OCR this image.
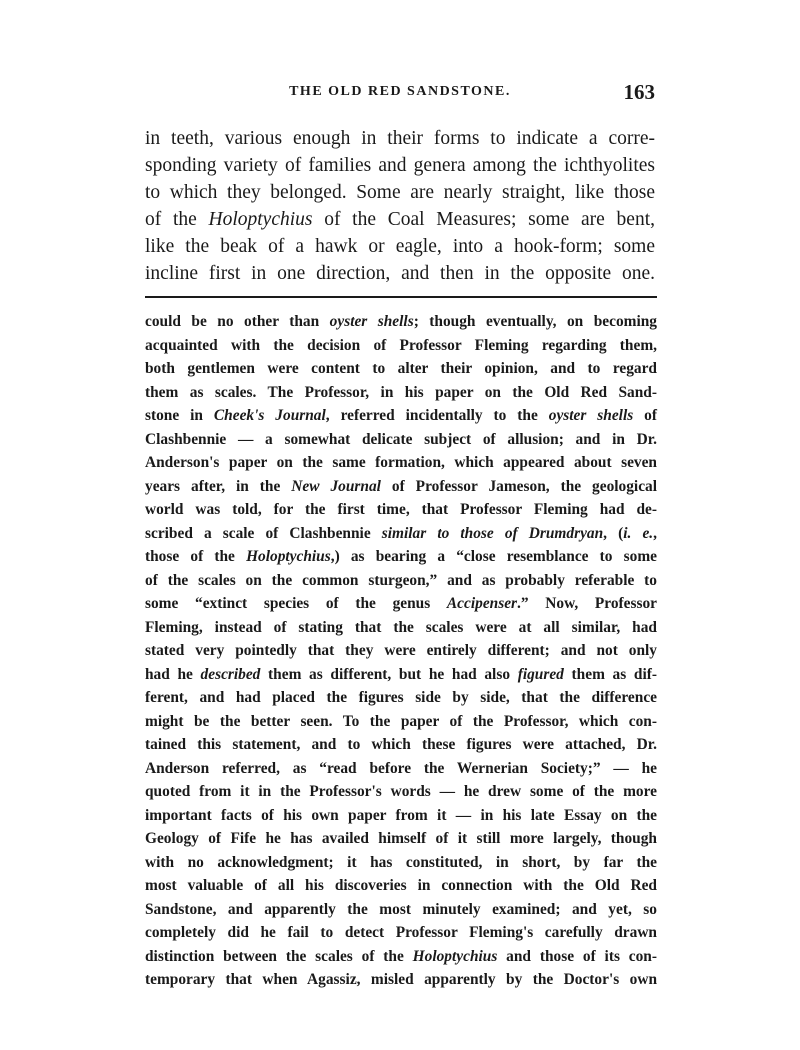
THE OLD RED SANDSTONE.	163
in teeth, various enough in their forms to indicate a corre-
sponding variety of families and genera among the ichthyolites
to which they belonged. Some are nearly straight, like those
of the Holoptychius of the Coal Measures; some are bent,
like the beak of a hawk or eagle, into a hook-form; some
incline first in one direction, and then in the opposite one.
could be no other than oyster shells; though eventually, on becoming
acquainted with the decision of Professor Fleming regarding them,
both gentlemen were content to alter their opinion, and to regard
them as scales. The Professor, in his paper on the Old Red Sand-
stone in Cheek's Journal, referred incidentally to the oyster shells of
Clashbennie — a somewhat delicate subject of allusion; and in Dr.
Anderson's paper on the same formation, which appeared about seven
years after, in the New Journal of Professor Jameson, the geological
world was told, for the first time, that Professor Fleming had de-
scribed a scale of Clashbennie similar to those of Drumdryan, (i. e.,
those of the Holoptychius,) as bearing a “close resemblance to some
of the scales on the common sturgeon,” and as probably referable to
some “extinct species of the genus Accipenser.” Now, Professor
Fleming, instead of stating that the scales were at all similar, had
stated very pointedly that they were entirely different; and not only
had he described them as different, but he had also figured them as dif-
ferent, and had placed the figures side by side, that the difference
might be the better seen. To the paper of the Professor, which con-
tained this statement, and to which these figures were attached, Dr.
Anderson referred, as “read before the Wernerian Society;” — he
quoted from it in the Professor's words — he drew some of the more
important facts of his own paper from it — in his late Essay on the
Geology of Fife he has availed himself of it still more largely, though
with no acknowledgment; it has constituted, in short, by far the
most valuable of all his discoveries in connection with the Old Red
Sandstone, and apparently the most minutely examined; and yet, so
completely did he fail to detect Professor Fleming's carefully drawn
distinction between the scales of the Holoptychius and those of its con-
temporary that when Agassiz, misled apparently by the Doctor's own
